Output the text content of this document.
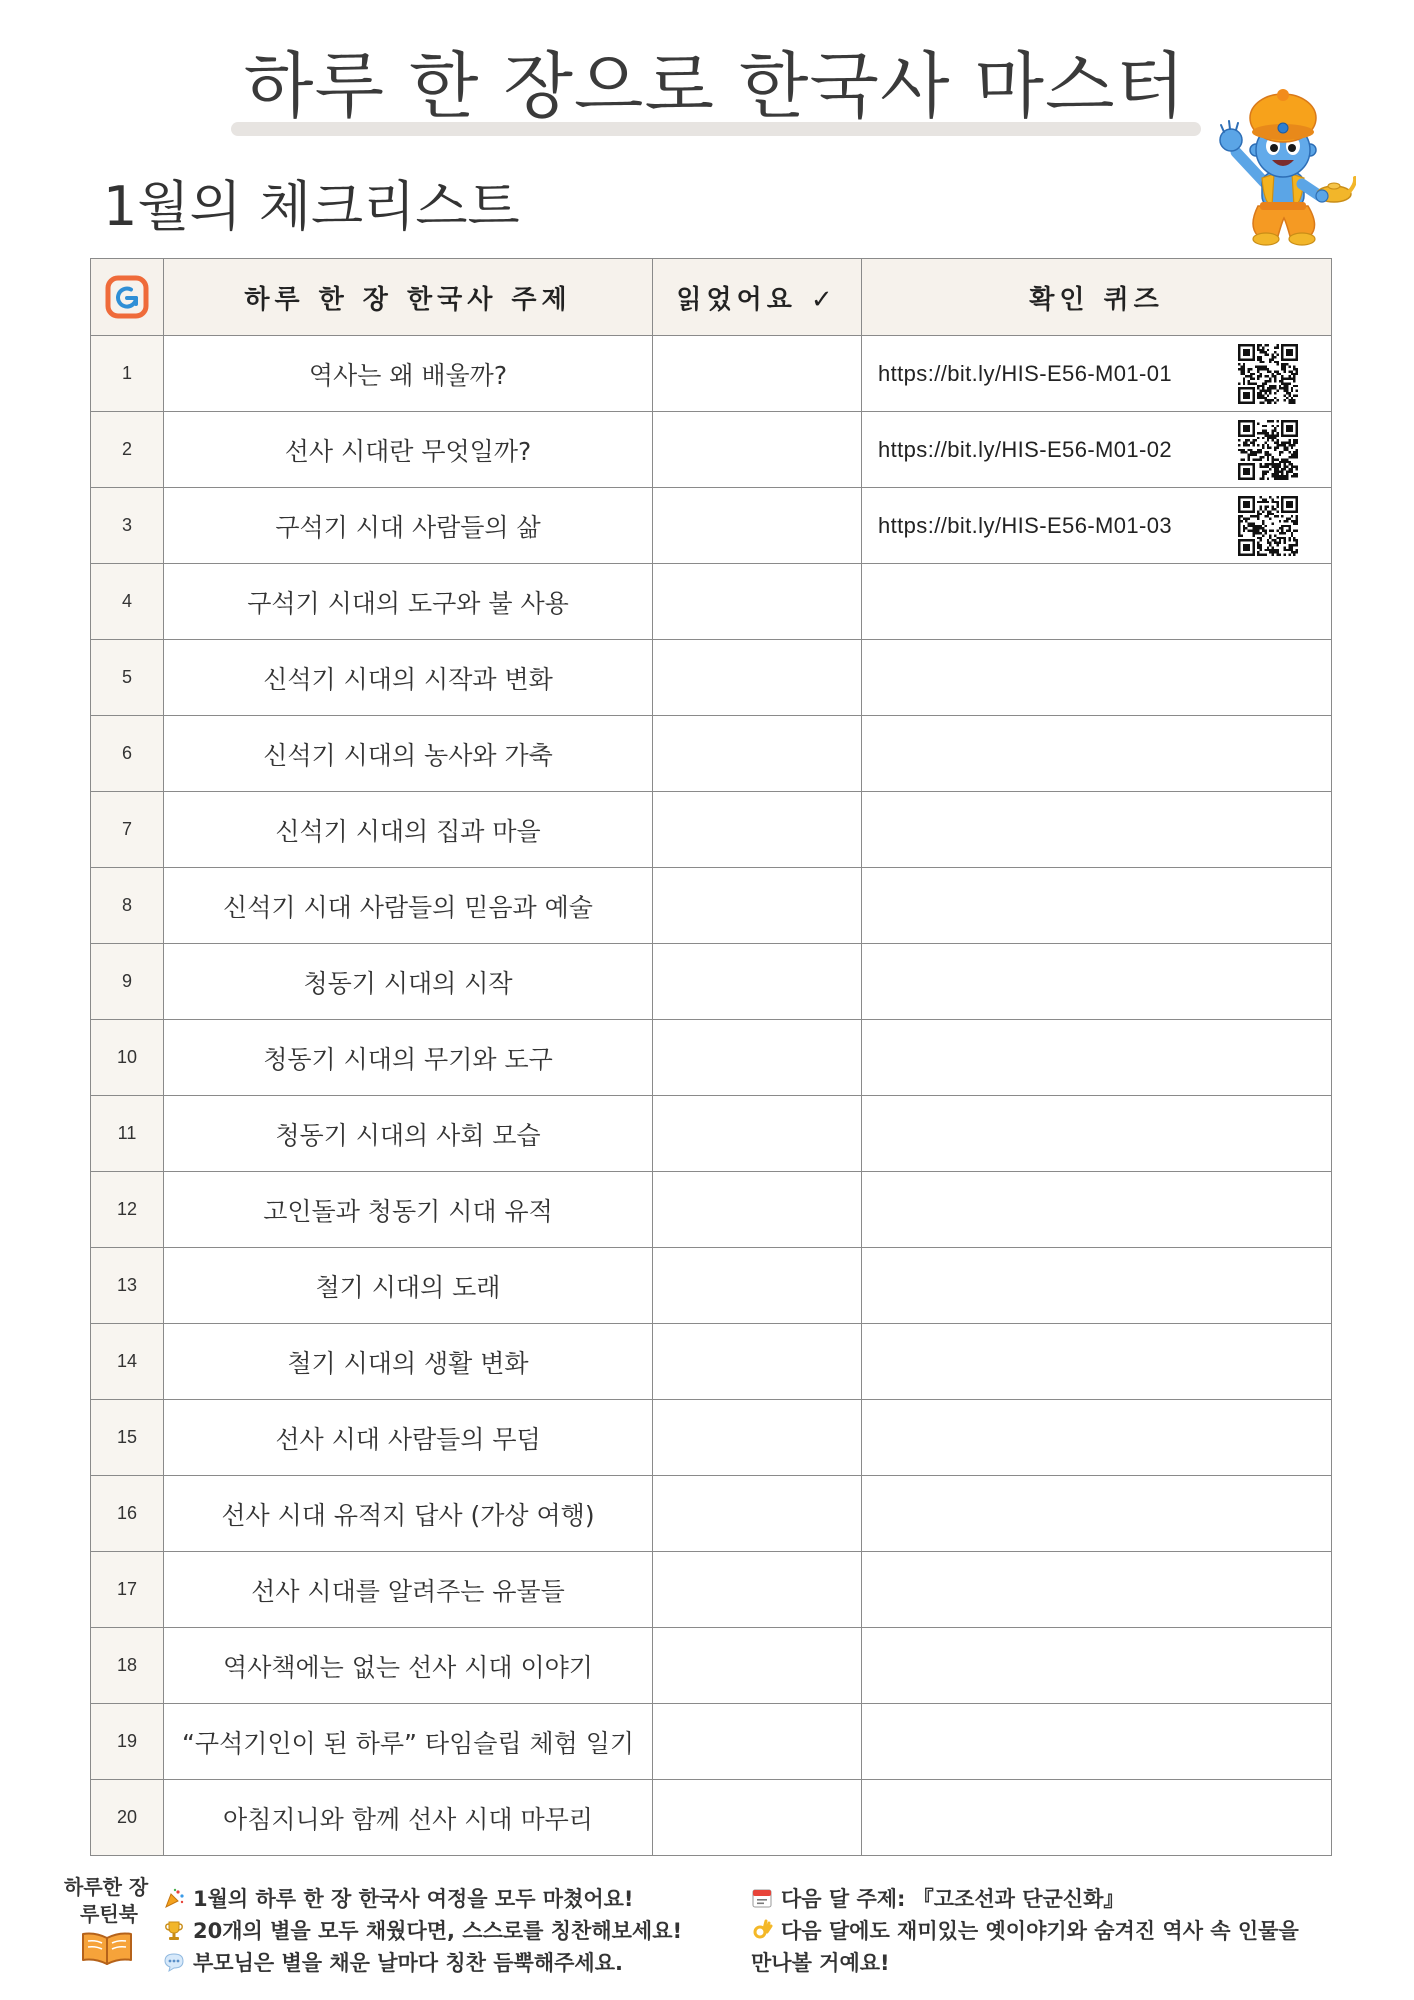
하루 한 장으로 한국사 마스터
1월의 체크리스트
	하루 한 장 한국사 주제	읽었어요 ✓	확인 퀴즈
1	역사는 왜 배울까?		https://bit.ly/HIS-E56-M01-01

2	선사 시대란 무엇일까?		https://bit.ly/HIS-E56-M01-02

3	구석기 시대 사람들의 삶		https://bit.ly/HIS-E56-M01-03

4	구석기 시대의 도구와 불 사용		
5	신석기 시대의 시작과 변화		
6	신석기 시대의 농사와 가축		
7	신석기 시대의 집과 마을		
8	신석기 시대 사람들의 믿음과 예술		
9	청동기 시대의 시작		
10	청동기 시대의 무기와 도구		
11	청동기 시대의 사회 모습		
12	고인돌과 청동기 시대 유적		
13	철기 시대의 도래		
14	철기 시대의 생활 변화		
15	선사 시대 사람들의 무덤		
16	선사 시대 유적지 답사 (가상 여행)		
17	선사 시대를 알려주는 유물들		
18	역사책에는 없는 선사 시대 이야기		
19	“구석기인이 된 하루” 타임슬립 체험 일기		
20	아침지니와 함께 선사 시대 마무리		
하루한 장
루틴북
1월의 하루 한 장 한국사 여정을 모두 마쳤어요!
20개의 별을 모두 채웠다면, 스스로를 칭찬해보세요!
부모님은 별을 채운 날마다 칭찬 듬뿍해주세요.
다음 달 주제: 『고조선과 단군신화』
다음 달에도 재미있는 옛이야기와 숨겨진 역사 속 인물을
만나볼 거예요!
